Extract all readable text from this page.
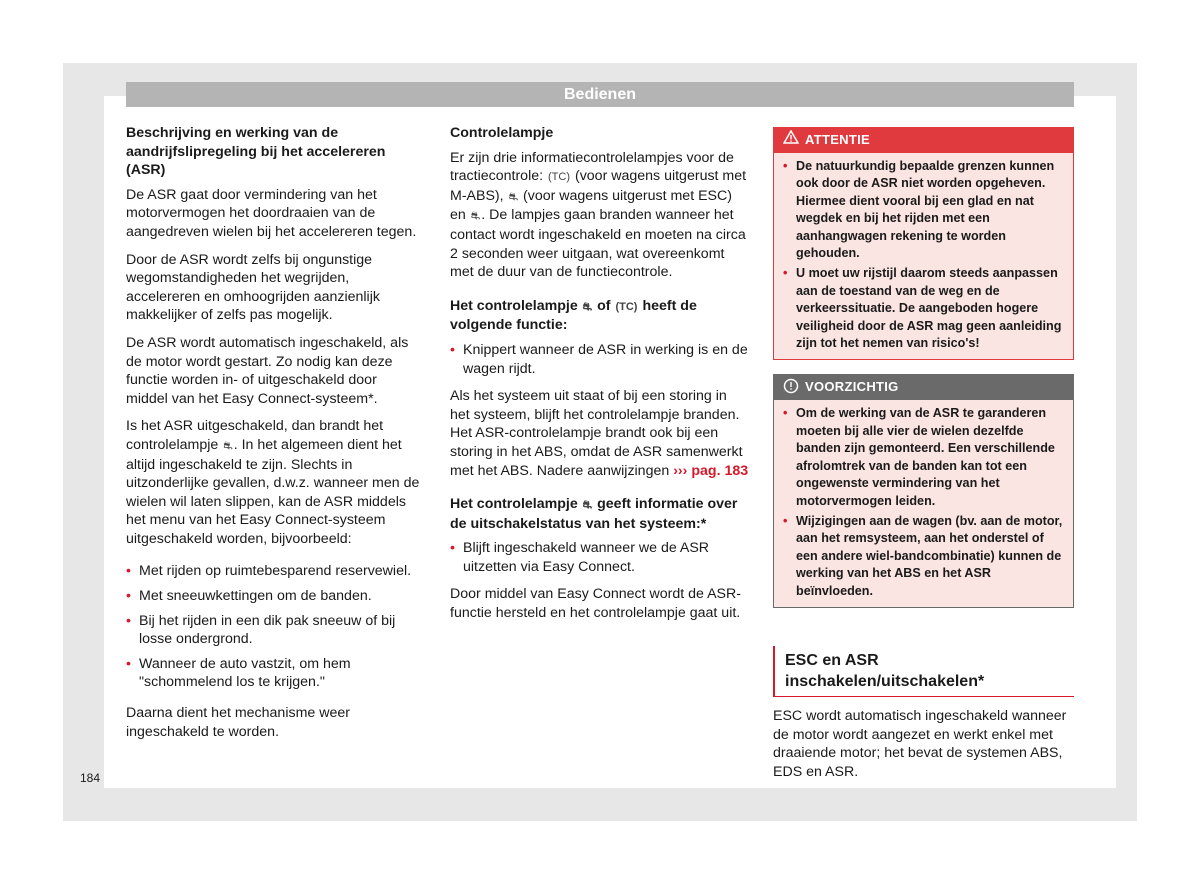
Bedienen
Beschrijving en werking van de aandrijfslipregeling bij het accelereren (ASR)

De ASR gaat door vermindering van het motorvermogen het doordraaien van de aangedreven wielen bij het accelereren tegen.

Door de ASR wordt zelfs bij ongunstige wegomstandigheden het wegrijden, accelereren en omhoogrijden aanzienlijk makkelijker of zelfs pas mogelijk.

De ASR wordt automatisch ingeschakeld, als de motor wordt gestart. Zo nodig kan deze functie worden in- of uitgeschakeld door middel van het Easy Connect-systeem*.

Is het ASR uitgeschakeld, dan brandt het controlelampje ⛐. In het algemeen dient het altijd ingeschakeld te zijn. Slechts in uitzonderlijke gevallen, d.w.z. wanneer men de wielen wil laten slippen, kan de ASR middels het menu van het Easy Connect-systeem uitgeschakeld worden, bijvoorbeeld:

• Met rijden op ruimtebesparend reservewiel.
• Met sneeuwkettingen om de banden.
• Bij het rijden in een dik pak sneeuw of bij losse ondergrond.
• Wanneer de auto vastzit, om hem "schommelend los te krijgen."

Daarna dient het mechanisme weer ingeschakeld te worden.

Controlelampje

Er zijn drie informatiecontrolelampjes voor de tractiecontrole: (TC) (voor wagens uitgerust met M-ABS), ⛐ (voor wagens uitgerust met ESC) en ⛐. De lampjes gaan branden wanneer het contact wordt ingeschakeld en moeten na circa 2 seconden weer uitgaan, wat overeenkomt met de duur van de functiecontrole.

Het controlelampje ⛐ of (TC) heeft de volgende functie:
• Knippert wanneer de ASR in werking is en de wagen rijdt.

Als het systeem uit staat of bij een storing in het systeem, blijft het controlelampje branden. Het ASR-controlelampje brandt ook bij een storing in het ABS, omdat de ASR samenwerkt met het ABS. Nadere aanwijzingen ››› pag. 183

Het controlelampje ⛐ geeft informatie over de uitschakelstatus van het systeem:*
• Blijft ingeschakeld wanneer we de ASR uitzetten via Easy Connect.

Door middel van Easy Connect wordt de ASR-functie hersteld en het controlelampje gaat uit.

ATTENTIE
• De natuurkundig bepaalde grenzen kunnen ook door de ASR niet worden opgeheven. Hiermee dient vooral bij een glad en nat wegdek en bij het rijden met een aanhangwagen rekening te worden gehouden.
• U moet uw rijstijl daarom steeds aanpassen aan de toestand van de weg en de verkeerssituatie. De aangeboden hogere veiligheid door de ASR mag geen aanleiding zijn tot het nemen van risico's!
VOORZICHTIG
• Om de werking van de ASR te garanderen moeten bij alle vier de wielen dezelfde banden zijn gemonteerd. Een verschillende afrolomtrek van de banden kan tot een ongewenste vermindering van het motorvermogen leiden.
• Wijzigingen aan de wagen (bv. aan de motor, aan het remsysteem, aan het onderstel of een andere wiel-bandcombinatie) kunnen de werking van het ABS en het ASR beïnvloeden.
ESC en ASR inschakelen/uitschakelen*

ESC wordt automatisch ingeschakeld wanneer de motor wordt aangezet en werkt enkel met draaiende motor; het bevat de systemen ABS, EDS en ASR.

184
